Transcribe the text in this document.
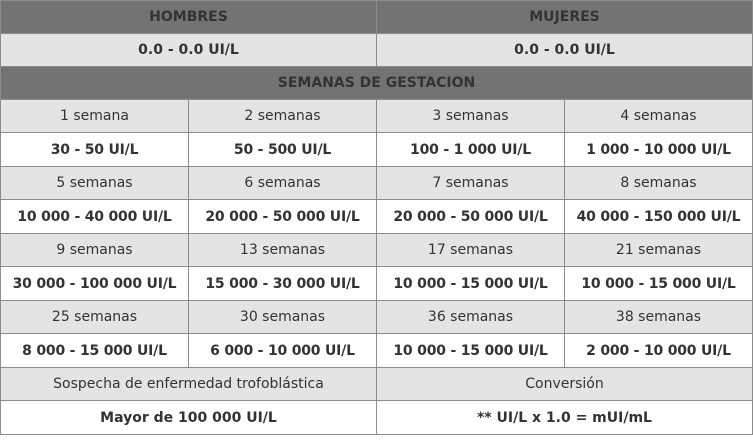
HOMBRES		MUJERES	
0.0 - 0.0 UI/L		0.0 - 0.0 UI/L	
SEMANAS DE GESTACION			
1 semana	2 semanas	3 semanas	4 semanas
30 - 50 UI/L	50 - 500 UI/L	100 - 1 000 UI/L	1 000 - 10 000 UI/L
5 semanas	6 semanas	7 semanas	8 semanas
10 000 - 40 000 UI/L	20 000 - 50 000 UI/L	20 000 - 50 000 UI/L	40 000 - 150 000 UI/L
9 semanas	13 semanas	17 semanas	21 semanas
30 000 - 100 000 UI/L	15 000 - 30 000 UI/L	10 000 - 15 000 UI/L	10 000 - 15 000 UI/L
25 semanas	30 semanas	36 semanas	38 semanas
8 000 - 15 000 UI/L	6 000 - 10 000 UI/L	10 000 - 15 000 UI/L	2 000 - 10 000 UI/L
Sospecha de enfermedad trofoblástica		Conversión	
Mayor de 100 000 UI/L		** UI/L x 1.0 = mUI/mL	
